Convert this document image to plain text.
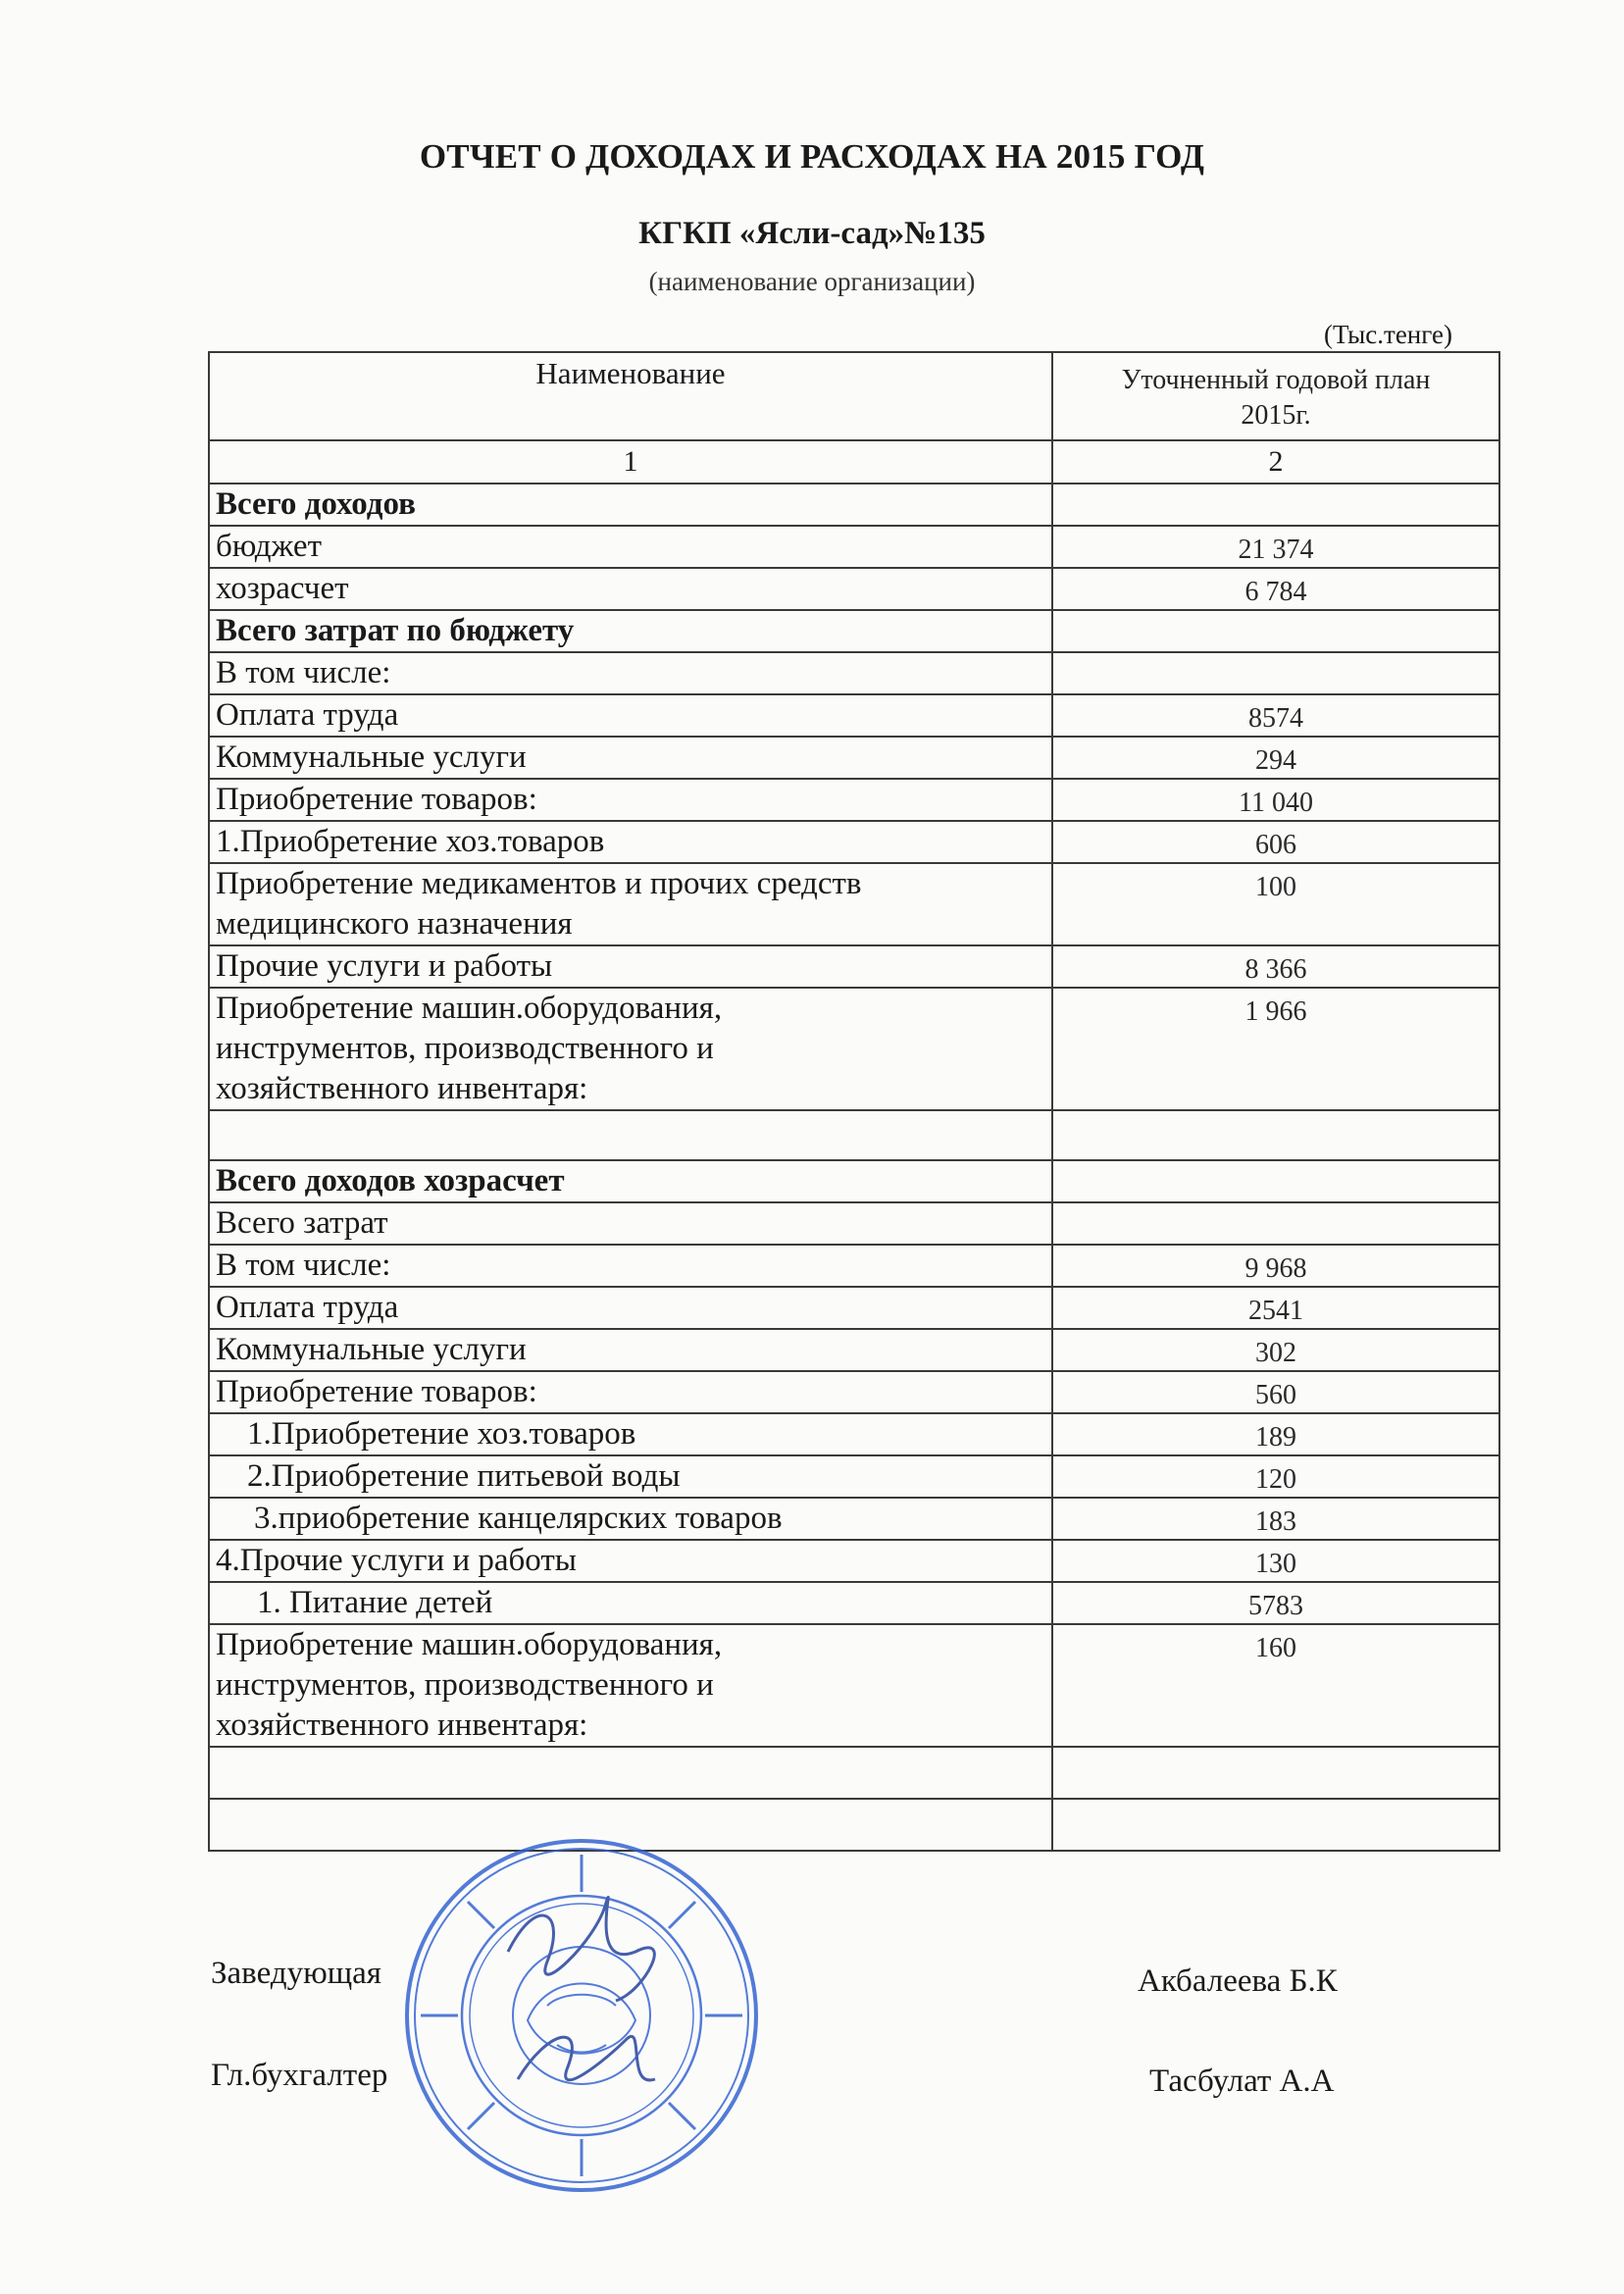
ОТЧЕТ О ДОХОДАХ И РАСХОДАХ НА 2015 ГОД
КГКП «Ясли-сад»№135
(наименование организации)
(Тыс.тенге)
Наименование	Уточненный годовой план
2015г.

1	2
Всего доходов	
бюджет	21 374
хозрасчет	6 784
Всего затрат по бюджету	
В том числе:	
Оплата труда	8574
Коммунальные услуги	294
Приобретение товаров:	11 040
1.Приобретение хоз.товаров	606

Приобретение медикаментов и прочих средств
медицинского назначения	100
Прочие услуги и работы	8 366

Приобретение машин.оборудования,
инструментов, производственного и
хозяйственного инвентаря:	1 966

Всего доходов хозрасчет	
Всего затрат	
В том числе:	9 968
Оплата труда	2541
Коммунальные услуги	302
Приобретение товаров:	560
1.Приобретение хоз.товаров	189
2.Приобретение питьевой воды	120
3.приобретение канцелярских товаров	183
4.Прочие услуги и работы	130
1. Питание детей	5783

Приобретение машин.оборудования,
инструментов, производственного и
хозяйственного инвентаря:	160

Заведующая	Акбалеева Б.К
Гл.бухгалтер	Тасбулат А.А
